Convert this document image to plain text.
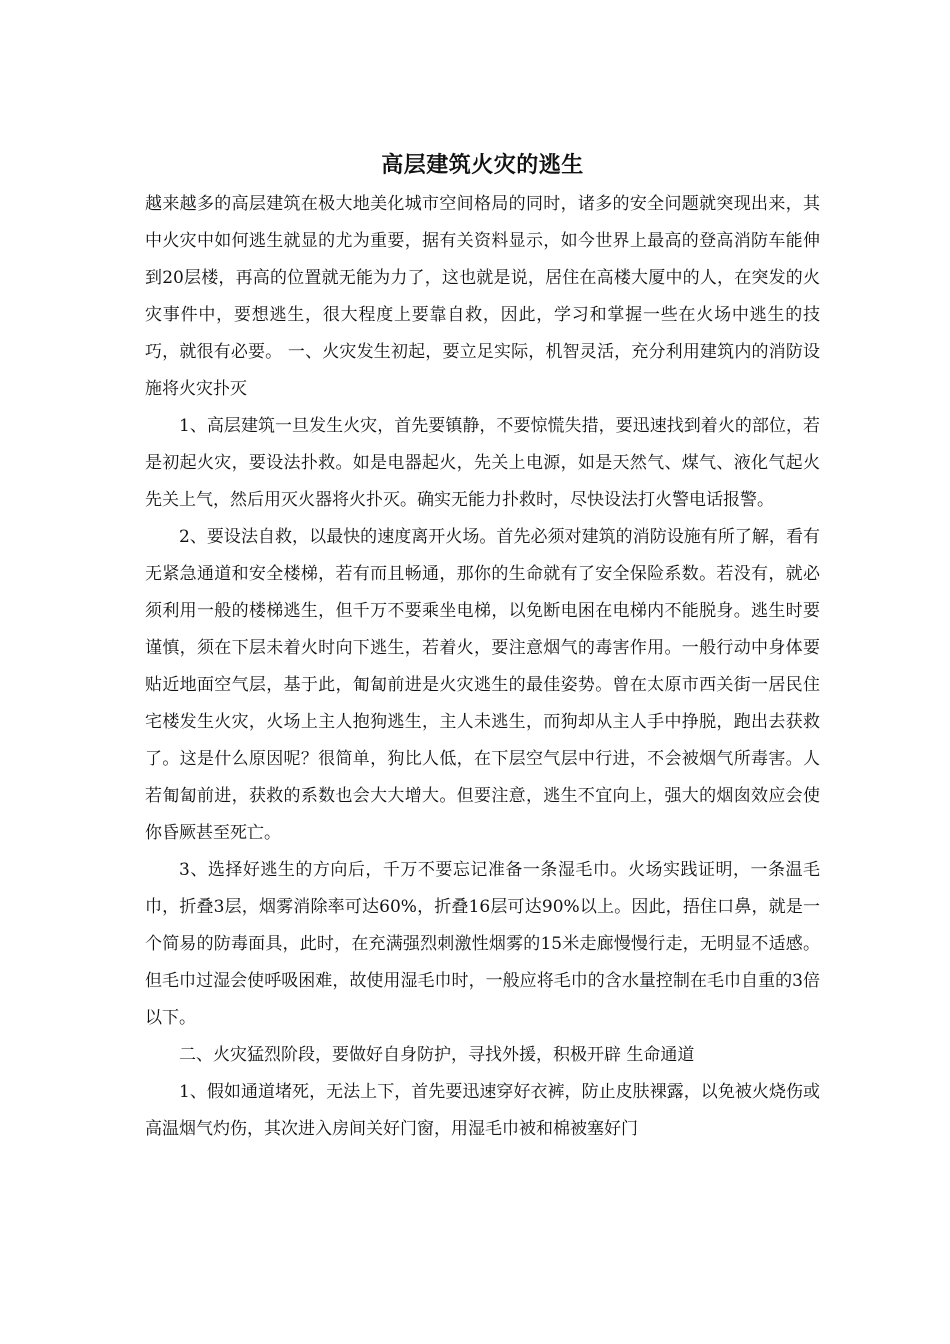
高层建筑火灾的逃生

越来越多的高层建筑在极大地美化城市空间格局的同时，诸多的安全问题就突现出来，其中火灾中如何逃生就显的尤为重要，据有关资料显示，如今世界上最高的登高消防车能伸到20层楼，再高的位置就无能为力了，这也就是说，居住在高楼大厦中的人，在突发的火灾事件中，要想逃生，很大程度上要靠自救，因此，学习和掌握一些在火场中逃生的技巧，就很有必要。 一、火灾发生初起，要立足实际，机智灵活，充分利用建筑内的消防设施将火灾扑灭

1、高层建筑一旦发生火灾，首先要镇静，不要惊慌失措，要迅速找到着火的部位，若是初起火灾，要设法扑救。如是电器起火，先关上电源，如是天然气、煤气、液化气起火先关上气，然后用灭火器将火扑灭。确实无能力扑救时，尽快设法打火警电话报警。

2、要设法自救，以最快的速度离开火场。首先必须对建筑的消防设施有所了解，看有无紧急通道和安全楼梯，若有而且畅通，那你的生命就有了安全保险系数。若没有，就必须利用一般的楼梯逃生，但千万不要乘坐电梯，以免断电困在电梯内不能脱身。逃生时要谨慎，须在下层未着火时向下逃生，若着火，要注意烟气的毒害作用。一般行动中身体要贴近地面空气层，基于此，匍匐前进是火灾逃生的最佳姿势。曾在太原市西关街一居民住宅楼发生火灾，火场上主人抱狗逃生，主人未逃生，而狗却从主人手中挣脱，跑出去获救了。这是什么原因呢？很简单，狗比人低，在下层空气层中行进，不会被烟气所毒害。人若匍匐前进，获救的系数也会大大增大。但要注意，逃生不宜向上，强大的烟囱效应会使你昏厥甚至死亡。

3、选择好逃生的方向后，千万不要忘记准备一条湿毛巾。火场实践证明，一条温毛巾，折叠3层，烟雾消除率可达60%，折叠16层可达90%以上。因此，捂住口鼻，就是一个简易的防毒面具，此时，在充满强烈刺激性烟雾的15米走廊慢慢行走，无明显不适感。但毛巾过湿会使呼吸困难，故使用湿毛巾时，一般应将毛巾的含水量控制在毛巾自重的3倍以下。

二、火灾猛烈阶段，要做好自身防护，寻找外援，积极开辟 生命通道

1、假如通道堵死，无法上下，首先要迅速穿好衣裤，防止皮肤裸露，以免被火烧伤或高温烟气灼伤，其次进入房间关好门窗，用湿毛巾被和棉被塞好门
